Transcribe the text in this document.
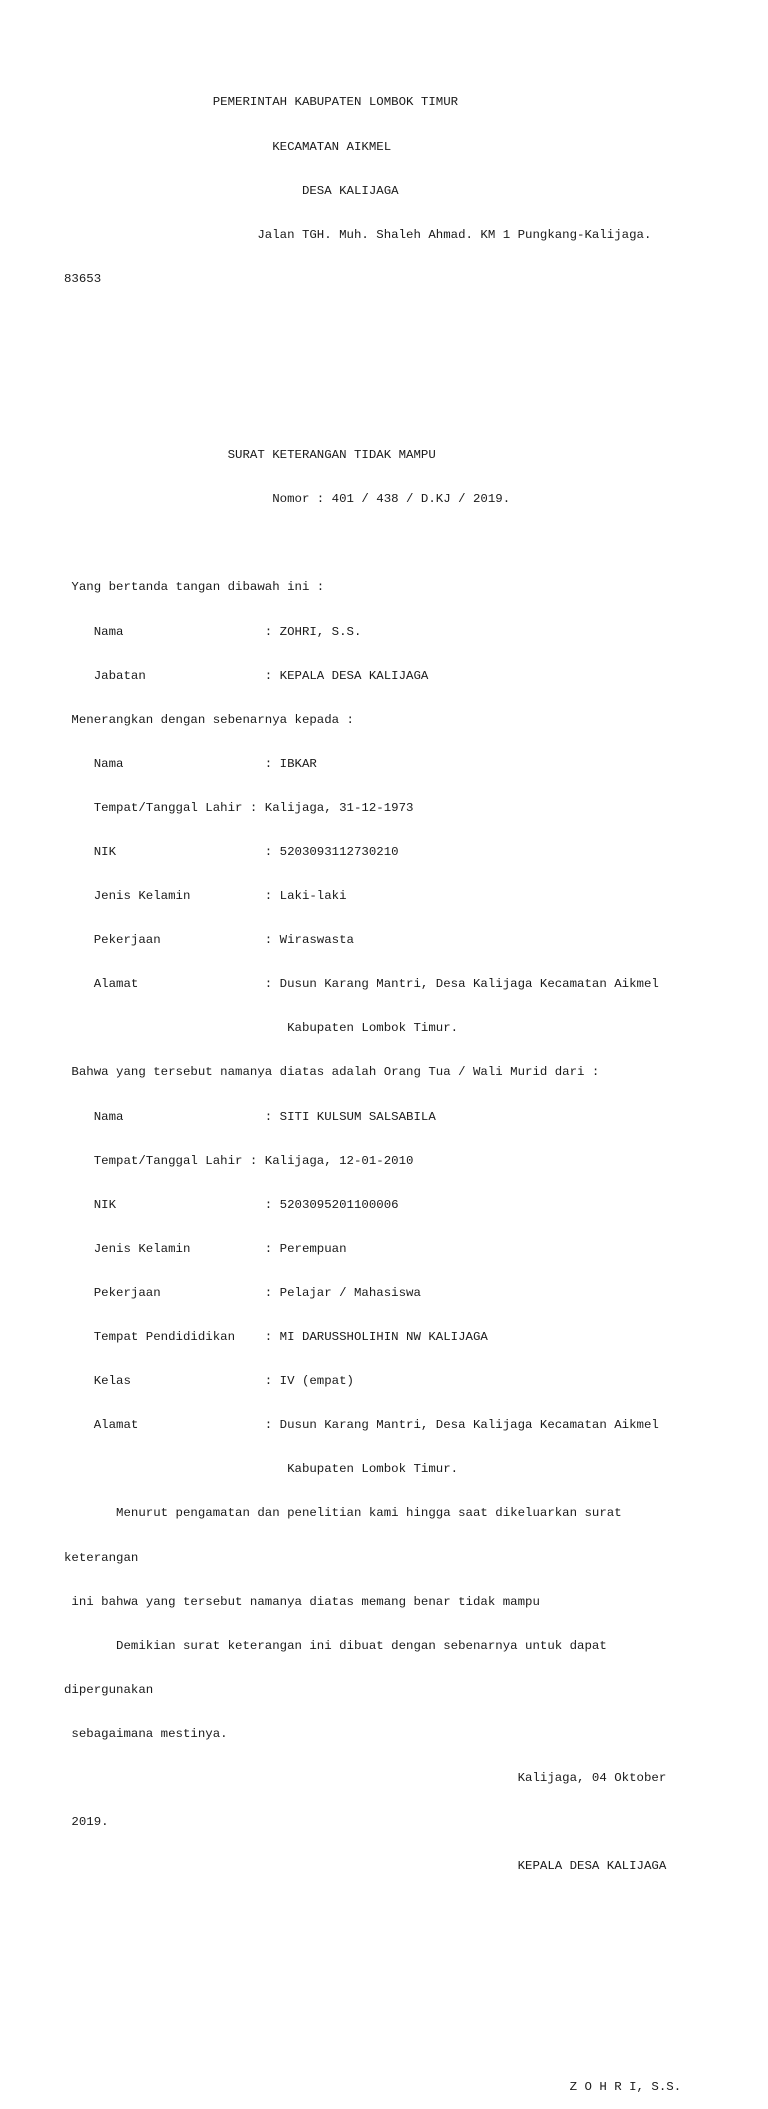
PEMERINTAH KABUPATEN LOMBOK TIMUR

KECAMATAN AIKMEL

DESA KALIJAGA

Jalan TGH. Muh. Shaleh Ahmad. KM 1 Pungkang-Kalijaga.

83653

SURAT KETERANGAN TIDAK MAMPU

Nomor : 401 / 438 / D.KJ / 2019.

Yang bertanda tangan dibawah ini :

Nama                   : ZOHRI, S.S.

Jabatan                : KEPALA DESA KALIJAGA

Menerangkan dengan sebenarnya kepada :

Nama                   : IBKAR

Tempat/Tanggal Lahir : Kalijaga, 31-12-1973

NIK                    : 5203093112730210

Jenis Kelamin          : Laki-laki

Pekerjaan              : Wiraswasta

Alamat                 : Dusun Karang Mantri, Desa Kalijaga Kecamatan Aikmel

Kabupaten Lombok Timur.

Bahwa yang tersebut namanya diatas adalah Orang Tua / Wali Murid dari :

Nama                   : SITI KULSUM SALSABILA

Tempat/Tanggal Lahir : Kalijaga, 12-01-2010

NIK                    : 5203095201100006

Jenis Kelamin          : Perempuan

Pekerjaan              : Pelajar / Mahasiswa

Tempat Pendididikan    : MI DARUSSHOLIHIN NW KALIJAGA

Kelas                  : IV (empat)

Alamat                 : Dusun Karang Mantri, Desa Kalijaga Kecamatan Aikmel

Kabupaten Lombok Timur.

Menurut pengamatan dan penelitian kami hingga saat dikeluarkan surat

keterangan

ini bahwa yang tersebut namanya diatas memang benar tidak mampu

Demikian surat keterangan ini dibuat dengan sebenarnya untuk dapat

dipergunakan

sebagaimana mestinya.

Kalijaga, 04 Oktober

2019.

KEPALA DESA KALIJAGA

Z O H R I, S.S.
